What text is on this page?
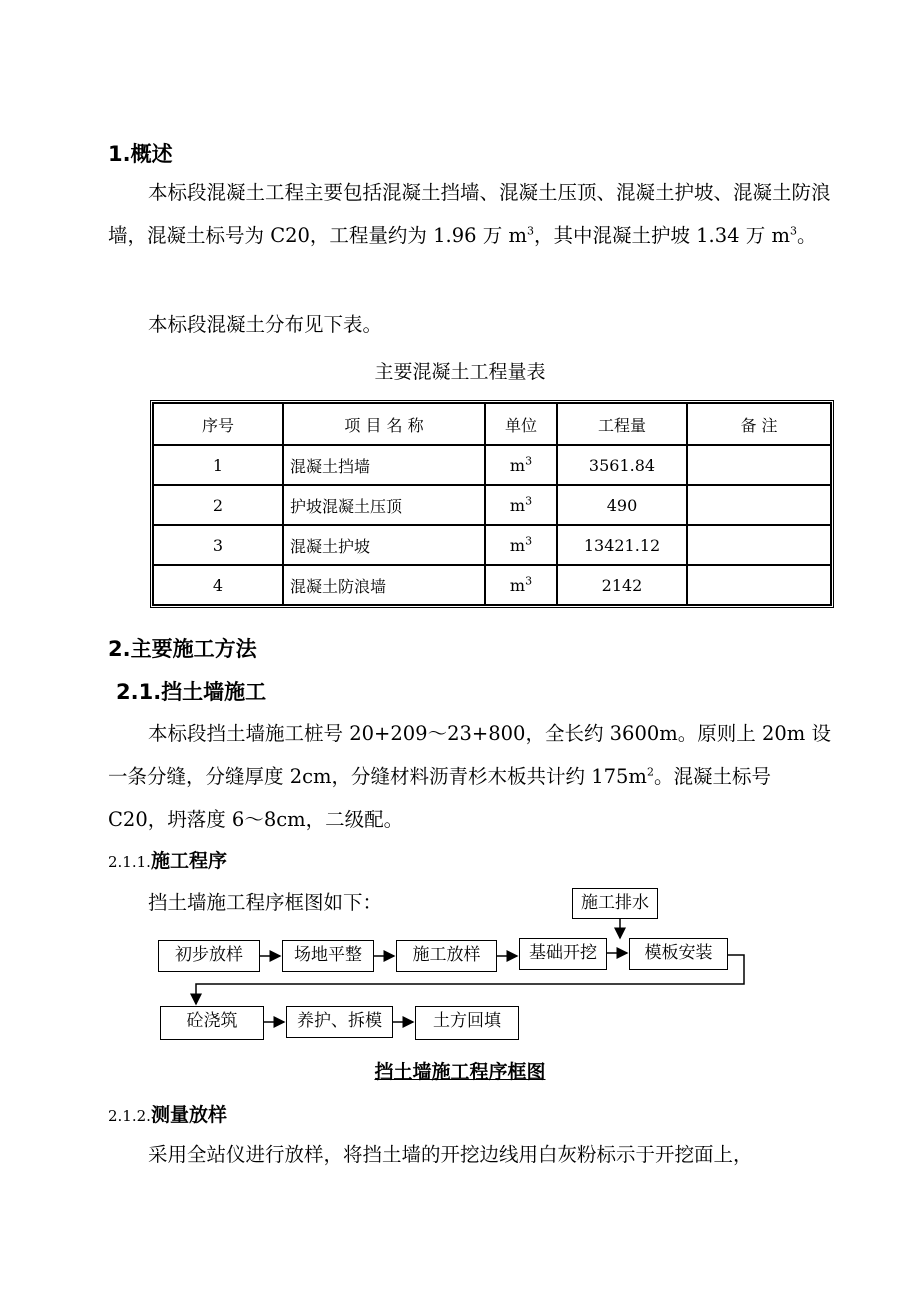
1.概述
本标段混凝土工程主要包括混凝土挡墙、混凝土压顶、混凝土护坡、混凝土防浪墙，混凝土标号为 C20，工程量约为 1.96 万 $m^3$，其中混凝土护坡 1.34 万 $m^3$。
本标段混凝土分布见下表。
主要混凝土工程量表
序号	项 目 名 称	单位	工程量	备 注
1	混凝土挡墙	$m^3$	3561.84	
2	护坡混凝土压顶	$m^3$	490	
3	混凝土护坡	$m^3$	13421.12	
4	混凝土防浪墙	$m^3$	2142	
2.主要施工方法
2.1.挡土墙施工
本标段挡土墙施工桩号 20+209～23+800，全长约 3600m。原则上 20m 设一条分缝，分缝厚度 2cm，分缝材料沥青杉木板共计约 $175m^2$。混凝土标号 C20，坍落度 6～8cm，二级配。
2.1.1.施工程序
挡土墙施工程序框图如下：	施工排水
初步放样	场地平整	施工放样	基础开挖	模板安装
砼浇筑	养护、拆模	土方回填
挡土墙施工程序框图
2.1.2.测量放样
采用全站仪进行放样，将挡土墙的开挖边线用白灰粉标示于开挖面上，
